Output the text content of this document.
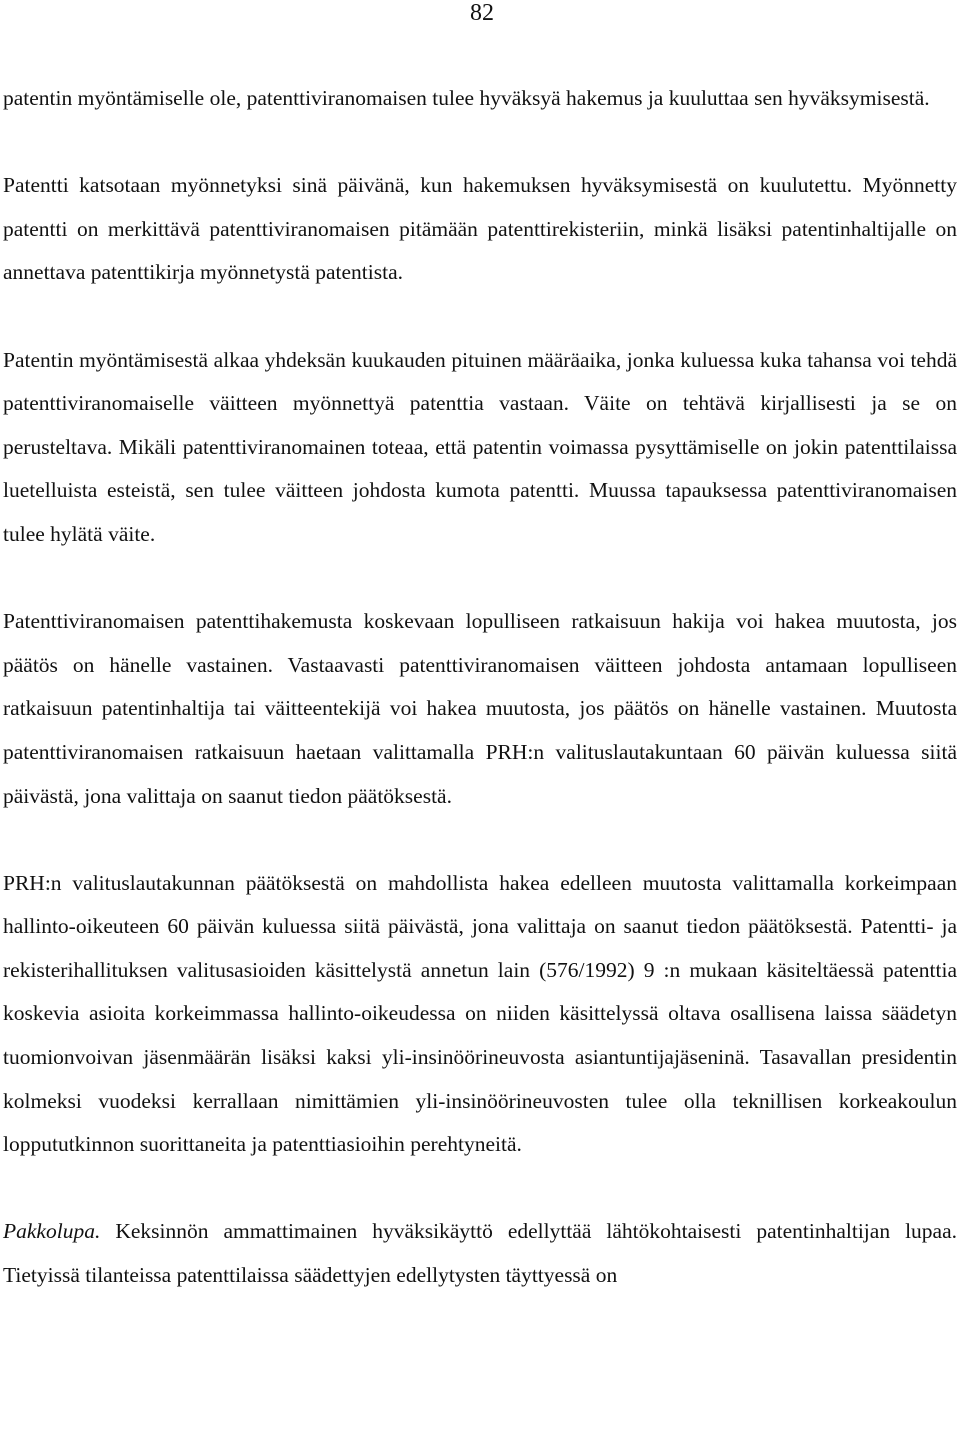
82

patentin myöntämiselle ole, patenttiviranomaisen tulee hyväksyä hakemus ja kuuluttaa sen hyväksymisestä.

Patentti katsotaan myönnetyksi sinä päivänä, kun hakemuksen hyväksymisestä on kuulutettu. Myönnetty patentti on merkittävä patenttiviranomaisen pitämään patenttirekisteriin, minkä lisäksi patentinhaltijalle on annettava patenttikirja myönnetystä patentista.

Patentin myöntämisestä alkaa yhdeksän kuukauden pituinen määräaika, jonka kuluessa kuka tahansa voi tehdä patenttiviranomaiselle väitteen myönnettyä patenttia vastaan. Väite on tehtävä kirjallisesti ja se on perusteltava. Mikäli patenttiviranomainen toteaa, että patentin voimassa pysyttämiselle on jokin patenttilaissa luetelluista esteistä, sen tulee väitteen johdosta kumota patentti. Muussa tapauksessa patenttiviranomaisen tulee hylätä väite.

Patenttiviranomaisen patenttihakemusta koskevaan lopulliseen ratkaisuun hakija voi hakea muutosta, jos päätös on hänelle vastainen. Vastaavasti patenttiviranomaisen väitteen johdosta antamaan lopulliseen ratkaisuun patentinhaltija tai väitteentekijä voi hakea muutosta, jos päätös on hänelle vastainen. Muutosta patenttiviranomaisen ratkaisuun haetaan valittamalla PRH:n valituslautakuntaan 60 päivän kuluessa siitä päivästä, jona valittaja on saanut tiedon päätöksestä.

PRH:n valituslautakunnan päätöksestä on mahdollista hakea edelleen muutosta valittamalla korkeimpaan hallinto-oikeuteen 60 päivän kuluessa siitä päivästä, jona valittaja on saanut tiedon päätöksestä. Patentti- ja rekisterihallituksen valitusasioiden käsittelystä annetun lain (576/1992) 9 :n mukaan käsiteltäessä patenttia koskevia asioita korkeimmassa hallinto-oikeudessa on niiden käsittelyssä oltava osallisena laissa säädetyn tuomionvoivan jäsenmäärän lisäksi kaksi yli-insinöörineuvosta asiantuntijajäseninä. Tasavallan presidentin kolmeksi vuodeksi kerrallaan nimittämien yli-insinöörineuvosten tulee olla teknillisen korkeakoulun loppututkinnon suorittaneita ja patenttiasioihin perehtyneitä.

Pakkolupa. Keksinnön ammattimainen hyväksikäyttö edellyttää lähtökohtaisesti patentinhaltijan lupaa. Tietyissä tilanteissa patenttilaissa säädettyjen edellytysten täyttyessä on
